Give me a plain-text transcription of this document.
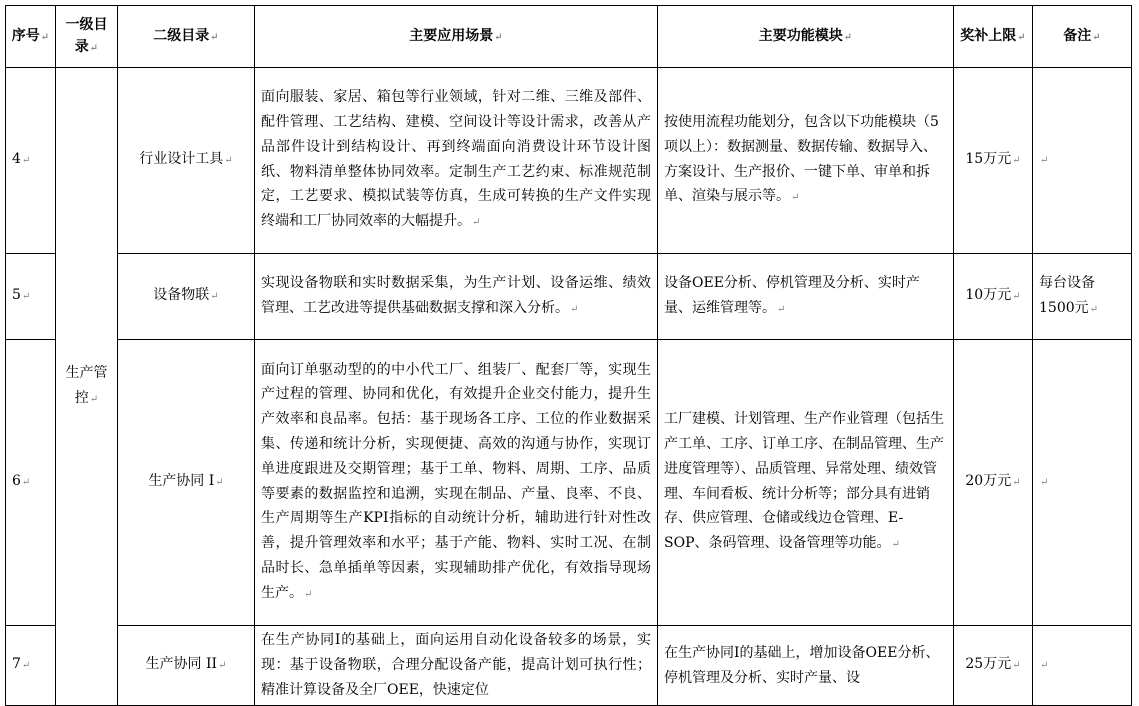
序号↵	一级目录↵	二级目录↵	主要应用场景↵	主要功能模块↵	奖补上限↵	备注↵
4↵	生产管控↵	行业设计工具↵	面向服装、家居、箱包等行业领域，针对二维、三维及部件、配件管理、工艺结构、建模、空间设计等设计需求，改善从产品部件设计到结构设计、再到终端面向消费设计环节设计图纸、物料清单整体协同效率。定制生产工艺约束、标准规范制定，工艺要求、模拟试装等仿真，生成可转换的生产文件实现终端和工厂协同效率的大幅提升。↵	按使用流程功能划分，包含以下功能模块（5项以上）：数据测量、数据传输、数据导入、方案设计、生产报价、一键下单、审单和拆单、渲染与展示等。↵	15万元↵	↵
5↵		设备物联↵	实现设备物联和实时数据采集，为生产计划、设备运维、绩效管理、工艺改进等提供基础数据支撑和深入分析。↵	设备OEE分析、停机管理及分析、实时产量、运维管理等。↵	10万元↵	每台设备1500元↵
6↵		生产协同 I↵	面向订单驱动型的的中小代工厂、组装厂、配套厂等，实现生产过程的管理、协同和优化，有效提升企业交付能力，提升生产效率和良品率。包括：基于现场各工序、工位的作业数据采集、传递和统计分析，实现便捷、高效的沟通与协作，实现订单进度跟进及交期管理；基于工单、物料、周期、工序、品质等要素的数据监控和追溯，实现在制品、产量、良率、不良、生产周期等生产KPI指标的自动统计分析，辅助进行针对性改善，提升管理效率和水平；基于产能、物料、实时工况、在制品时长、急单插单等因素，实现辅助排产优化，有效指导现场生产。↵	工厂建模、计划管理、生产作业管理（包括生产工单、工序、订单工序、在制品管理、生产进度管理等）、品质管理、异常处理、绩效管理、车间看板、统计分析等；部分具有进销存、供应管理、仓储或线边仓管理、E-SOP、条码管理、设备管理等功能。↵	20万元↵	↵
7↵		生产协同 II↵	在生产协同I的基础上，面向运用自动化设备较多的场景，实现：基于设备物联，合理分配设备产能，提高计划可执行性；精准计算设备及全厂OEE，快速定位	在生产协同I的基础上，增加设备OEE分析、停机管理及分析、实时产量、设	25万元↵	↵
